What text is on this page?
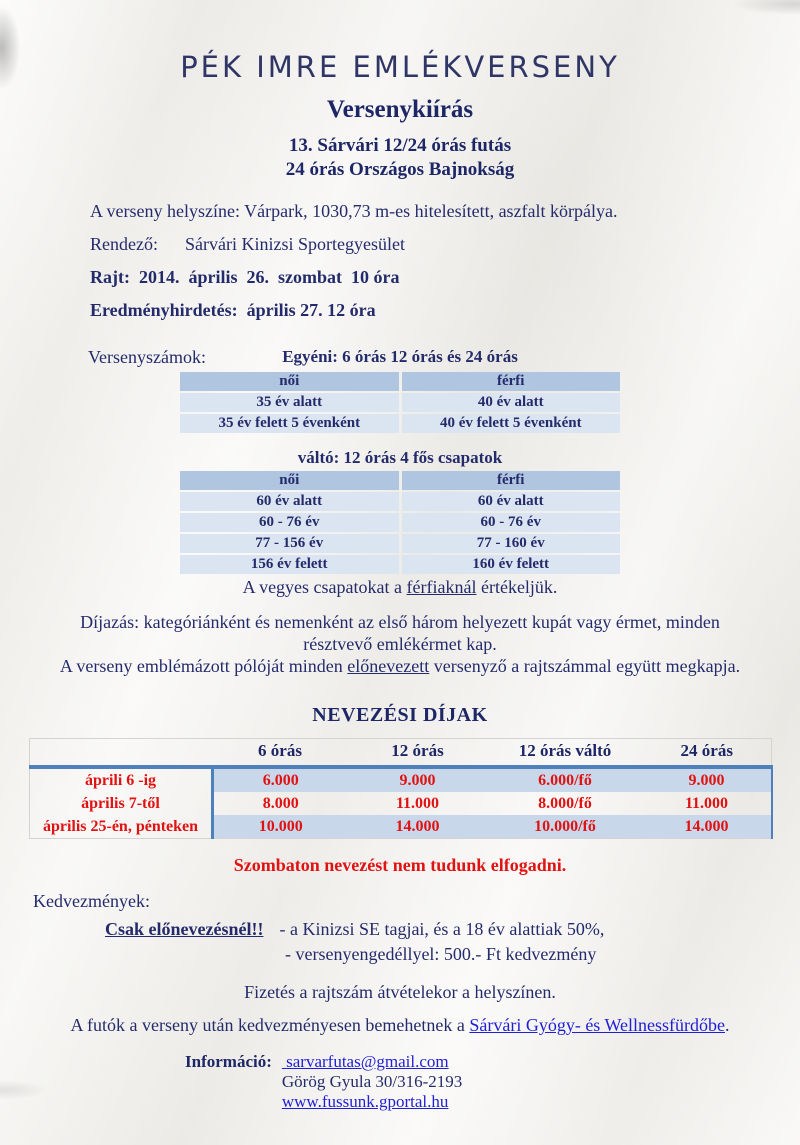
PÉK IMRE EMLÉKVERSENY
Versenykiírás
13. Sárvári 12/24 órás futás
24 órás Országos Bajnokság

A verseny helyszíne: Várpark, 1030,73 m-es hitelesített, aszfalt körpálya.

Rendező: Sárvári Kinizsi Sportegyesület

Rajt:  2014.  április  26.  szombat  10 óra

Eredményhirdetés:  április 27. 12 óra

Versenyszámok:	Egyéni: 6 órás 12 órás és 24 órás
női	férfi
35 év alatt	40 év alatt
35 év felett 5 évenként	40 év felett 5 évenként
váltó: 12 órás 4 fős csapatok
női	férfi
60 év alatt	60 év alatt
60 - 76 év	60 - 76 év
77 - 156 év	77 - 160 év
156 év felett	160 év felett

A vegyes csapatokat a férfiaknál értékeljük.

Díjazás: kategóriánként és nemenként az első három helyezett kupát vagy érmet, minden résztvevő emlékérmet kap.

A verseny emblémázott pólóját minden előnevezett versenyző a rajtszámmal együtt megkapja.

NEVEZÉSI DÍJAK
	6 órás	12 órás	12 órás váltó	24 órás
áprili 6 -ig	6.000	9.000	6.000/fő	9.000
április 7-től	8.000	11.000	8.000/fő	11.000
április 25-én, pénteken	10.000	14.000	10.000/fő	14.000

Szombaton nevezést nem tudunk elfogadni.

Kedvezmények:
Csak előnevezésnél!! - a Kinizsi SE tagjai, és a 18 év alattiak 50%,
- versenyengedéllyel: 500.- Ft kedvezmény

Fizetés a rajtszám átvételekor a helyszínen.

A futók a verseny után kedvezményesen bemehetnek a Sárvári Gyógy- és Wellnessfürdőbe.

Információ: sarvarfutas@gmail.com
Görög Gyula 30/316-2193
www.fussunk.gportal.hu
